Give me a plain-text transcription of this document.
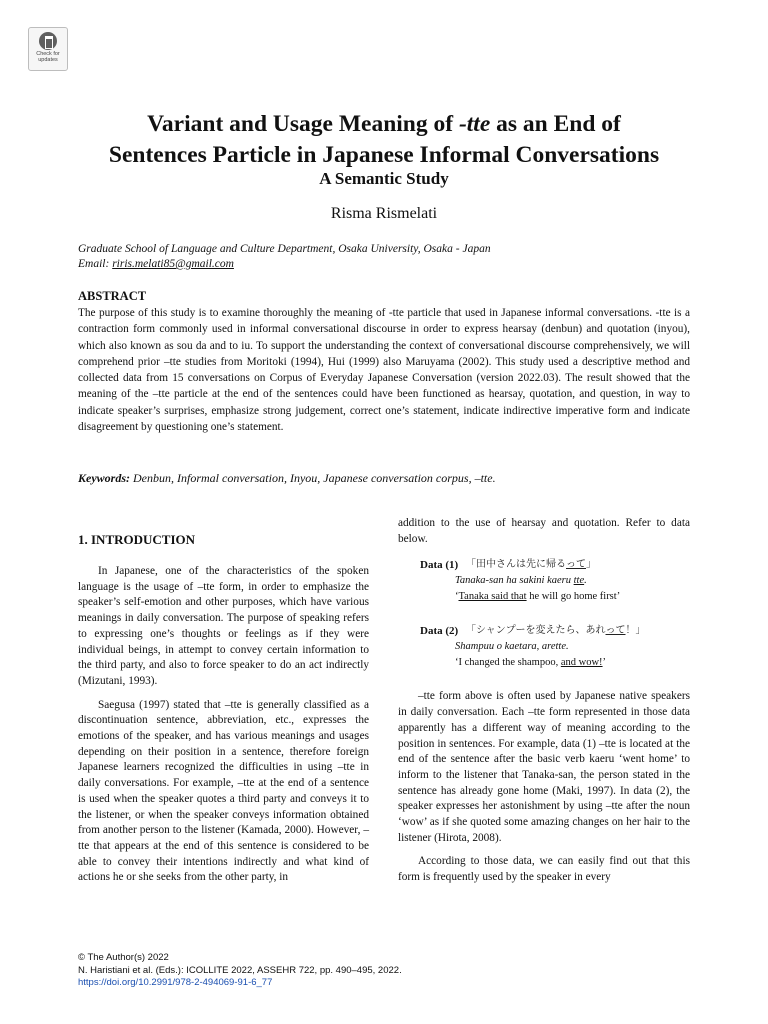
Check for updates
Variant and Usage Meaning of -tte as an End of
Sentences Particle in Japanese Informal Conversations
A Semantic Study
Risma Rismelati
Graduate School of Language and Culture Department, Osaka University, Osaka - Japan
Email: riris.melati85@gmail.com
ABSTRACT

The purpose of this study is to examine thoroughly the meaning of -tte particle that used in Japanese informal conversations. -tte is a contraction form commonly used in informal conversational discourse in order to express hearsay (denbun) and quotation (inyou), which also known as sou da and to iu. To support the understanding the context of conversational discourse comprehensively, we will comprehend prior –tte studies from Moritoki (1994), Hui (1999) also Maruyama (2002). This study used a descriptive method and collected data from 15 conversations on Corpus of Everyday Japanese Conversation (version 2022.03). The result showed that the meaning of the –tte particle at the end of the sentences could have been functioned as hearsay, quotation, and question, in way to indicate speaker’s surprises, emphasize strong judgement, correct one’s statement, indicate indirective imperative form and indicate disagreement by questioning one’s statement.

Keywords: Denbun, Informal conversation, Inyou, Japanese conversation corpus, –tte.

1. INTRODUCTION

In Japanese, one of the characteristics of the spoken language is the usage of –tte form, in order to emphasize the speaker’s self-emotion and other purposes, which have various meanings in daily conversation. The purpose of speaking refers to expressing one’s thoughts or feelings as if they were individual beings, in attempt to convey certain information to the third party, and also to force speaker to do an act indirectly (Mizutani, 1993).

Saegusa (1997) stated that –tte is generally classified as a discontinuation sentence, abbreviation, etc., expresses the emotions of the speaker, and has various meanings and usages depending on their position in a sentence, therefore foreign Japanese learners recognized the difficulties in using –tte in daily conversations. For example, –tte at the end of a sentence is used when the speaker quotes a third party and conveys it to the listener, or when the speaker conveys information obtained from another person to the listener (Kamada, 2000). However, –tte that appears at the end of this sentence is considered to be able to convey their intentions indirectly and what kind of actions he or she seeks from the other party, in

addition to the use of hearsay and quotation. Refer to data below.

Data (1) 「田中さんは先に帰るって」
Tanaka-san ha sakini kaeru tte.
‘Tanaka said that he will go home first’
Data (2) 「シャンプーを変えたら、あれって！」
Shampuu o kaetara, arette.
‘I changed the shampoo, and wow!’

–tte form above is often used by Japanese native speakers in daily conversation. Each –tte form represented in those data apparently has a different way of meaning according to the position in sentences. For example, data (1) –tte is located at the end of the sentence after the basic verb kaeru ‘went home’ to inform to the listener that Tanaka-san, the person stated in the sentence has already gone home (Maki, 1997). In data (2), the speaker expresses her astonishment by using –tte after the noun ‘wow’ as if she quoted some amazing changes on her hair to the listener (Hirota, 2008).

According to those data, we can easily find out that this form is frequently used by the speaker in every

© The Author(s) 2022
N. Haristiani et al. (Eds.): ICOLLITE 2022, ASSEHR 722, pp. 490–495, 2022.
https://doi.org/10.2991/978-2-494069-91-6_77
